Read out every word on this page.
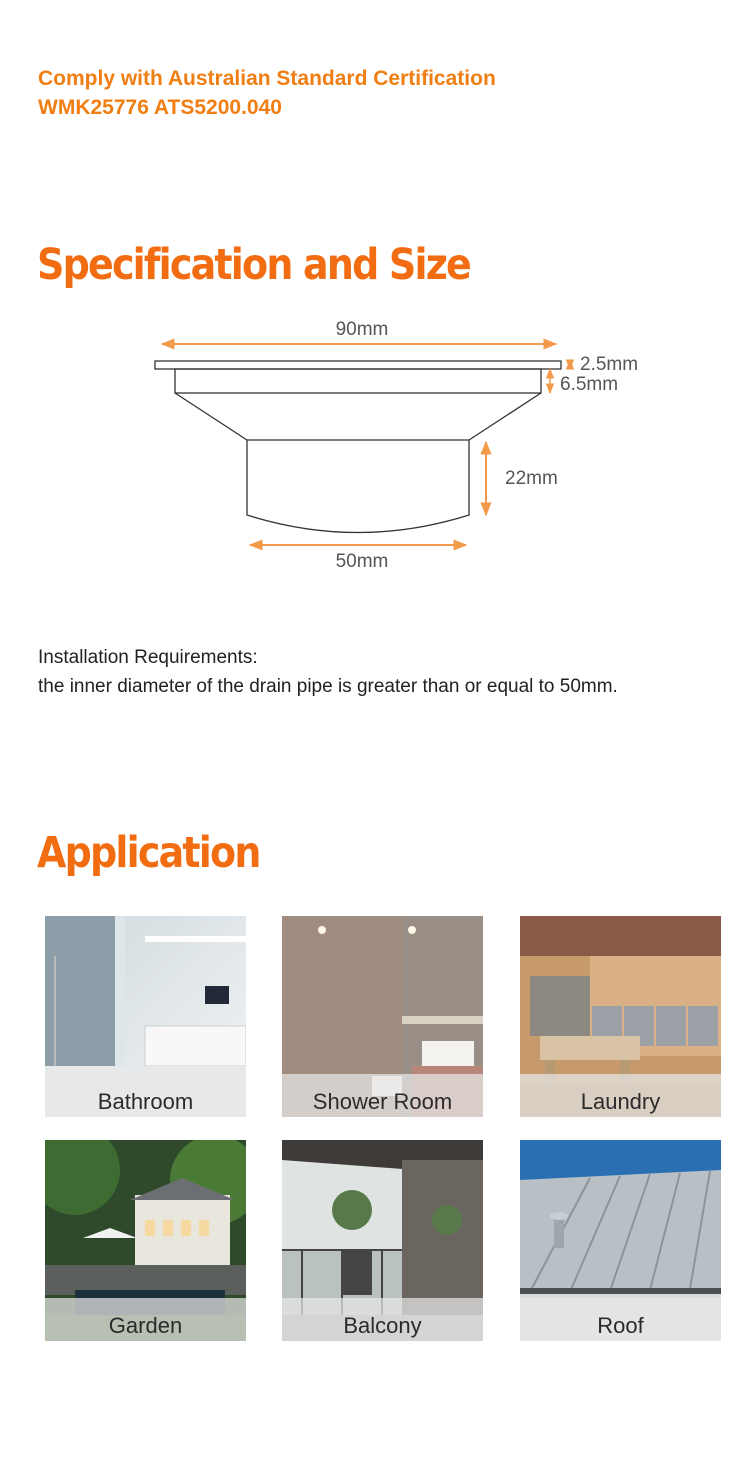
Comply with Australian Standard Certification
WMK25776 ATS5200.040
Specification and Size
90mm
2.5mm
6.5mm
22mm
50mm
Installation Requirements:
the inner diameter of the drain pipe is greater than or equal to 50mm.
Application
Bathroom	Shower Room	Laundry
Garden	Balcony	Roof
